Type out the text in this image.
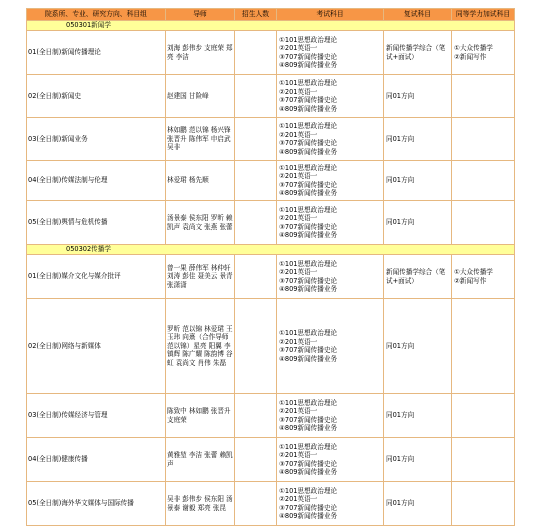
院系所、专业、研究方向、科目组	导师	招生人数	考试科目	复试科目	同等学力加试科目
050301新闻学					
01(全日制)新闻传播理论	刘海 彭伟步 支庭荣 郑亮 李洁		①101思想政治理论
②201英语一
③707新闻传播史论
④809新闻传播业务	新闻传播学综合（笔试+面试）	①大众传播学
②新闻写作

02(全日制)新闻史	赵建国 甘险峰		①101思想政治理论
②201英语一
③707新闻传播史论
④809新闻传播业务	同01方向	
03(全日制)新闻业务	林如鹏 范以锦 杨兴锋 张晋升 陈伟军 申启武 吴非		①101思想政治理论
②201英语一
③707新闻传播史论
④809新闻传播业务	同01方向	
04(全日制)传媒法制与伦理	林爱珺 杨先顺		①101思想政治理论
②201英语一
③707新闻传播史论
④809新闻传播业务	同01方向	
05(全日制)舆情与危机传播	汤景泰 侯东阳 罗昕 赖凯声 袁尚文 张燕 张蕾		①101思想政治理论
②201英语一
③707新闻传播史论
④809新闻传播业务	同01方向	
050302传播学					
01(全日制)媒介文化与媒介批评	曾一果 薛伟军 林仲轩 刘涛 彭佳 聂美云 景青 张潇潇		①101思想政治理论
②201英语一
③707新闻传播史论
④809新闻传播业务	新闻传播学综合（笔试+面试）	①大众传播学
②新闻写作

02(全日制)网络与新媒体	罗昕 范以锦 林爱珺 王玉玮 向熹（合作导师范以锦）星亮 阳翼 李镇辉 陈广耀 陈韵博 谷虹 袁尚文 肖伟 朱磊		①101思想政治理论
②201英语一
③707新闻传播史论
④809新闻传播业务	同01方向	
03(全日制)传媒经济与管理	陈致中 林如鹏 张晋升 支庭荣		①101思想政治理论
②201英语一
③707新闻传播史论
④809新闻传播业务	同01方向	
04(全日制)健康传播	黄雅堃 李洁 张蕾 赖凯声		①101思想政治理论
②201英语一
③707新闻传播史论
④809新闻传播业务	同01方向	
05(全日制)海外华文媒体与国际传播	吴非 彭伟步 侯东阳 汤景泰 谢毅 郑亮 张昆		①101思想政治理论
②201英语一
③707新闻传播史论
④809新闻传播业务	同01方向	
